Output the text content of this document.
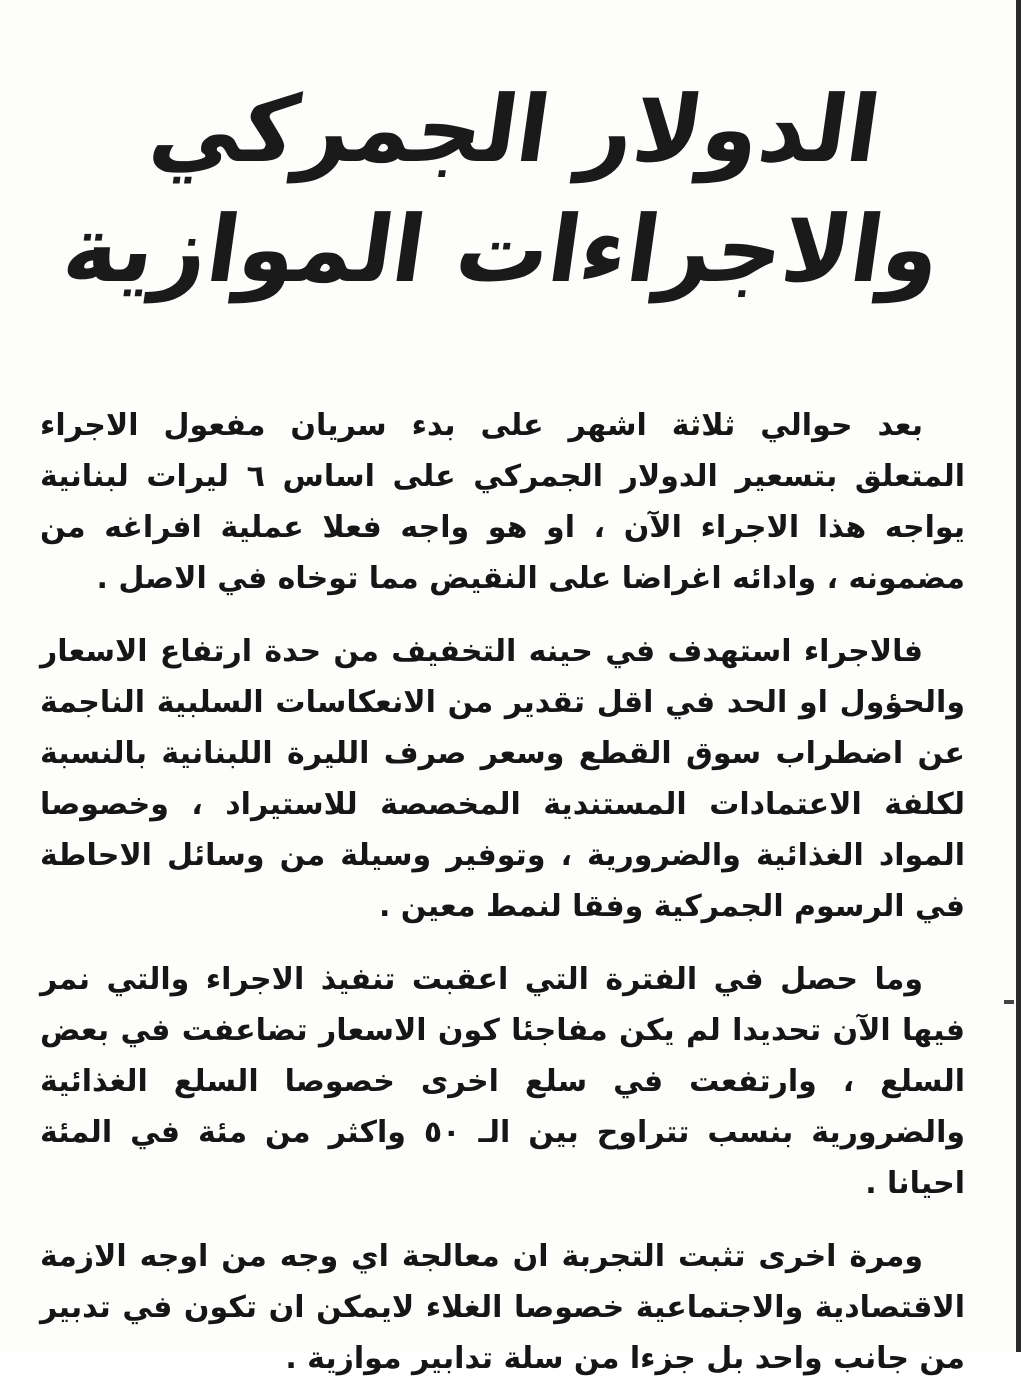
الدولار الجمركي
والاجراءات الموازية

بعد حوالي ثلاثة اشهر على بدء سريان مفعول الاجراء المتعلق بتسعير الدولار الجمركي على اساس ٦ ليرات لبنانية يواجه هذا الاجراء الآن ، او هو واجه فعلا عملية افراغه من مضمونه ، وادائه اغراضا على النقيض مما توخاه في الاصل .

فالاجراء استهدف في حينه التخفيف من حدة ارتفاع الاسعار والحؤول او الحد في اقل تقدير من الانعكاسات السلبية الناجمة عن اضطراب سوق القطع وسعر صرف الليرة اللبنانية بالنسبة لكلفة الاعتمادات المستندية المخصصة للاستيراد ، وخصوصا المواد الغذائية والضرورية ، وتوفير وسيلة من وسائل الاحاطة في الرسوم الجمركية وفقا لنمط معين .

وما حصل في الفترة التي اعقبت تنفيذ الاجراء والتي نمر فيها الآن تحديدا لم يكن مفاجئا كون الاسعار تضاعفت في بعض السلع ، وارتفعت في سلع اخرى خصوصا السلع الغذائية والضرورية بنسب تتراوح بين الـ ٥٠ واكثر من مئة في المئة احيانا .

ومرة اخرى تثبت التجربة ان معالجة اي وجه من اوجه الازمة الاقتصادية والاجتماعية خصوصا الغلاء لايمكن ان تكون في تدبير من جانب واحد بل جزءا من سلة تدابير موازية .
